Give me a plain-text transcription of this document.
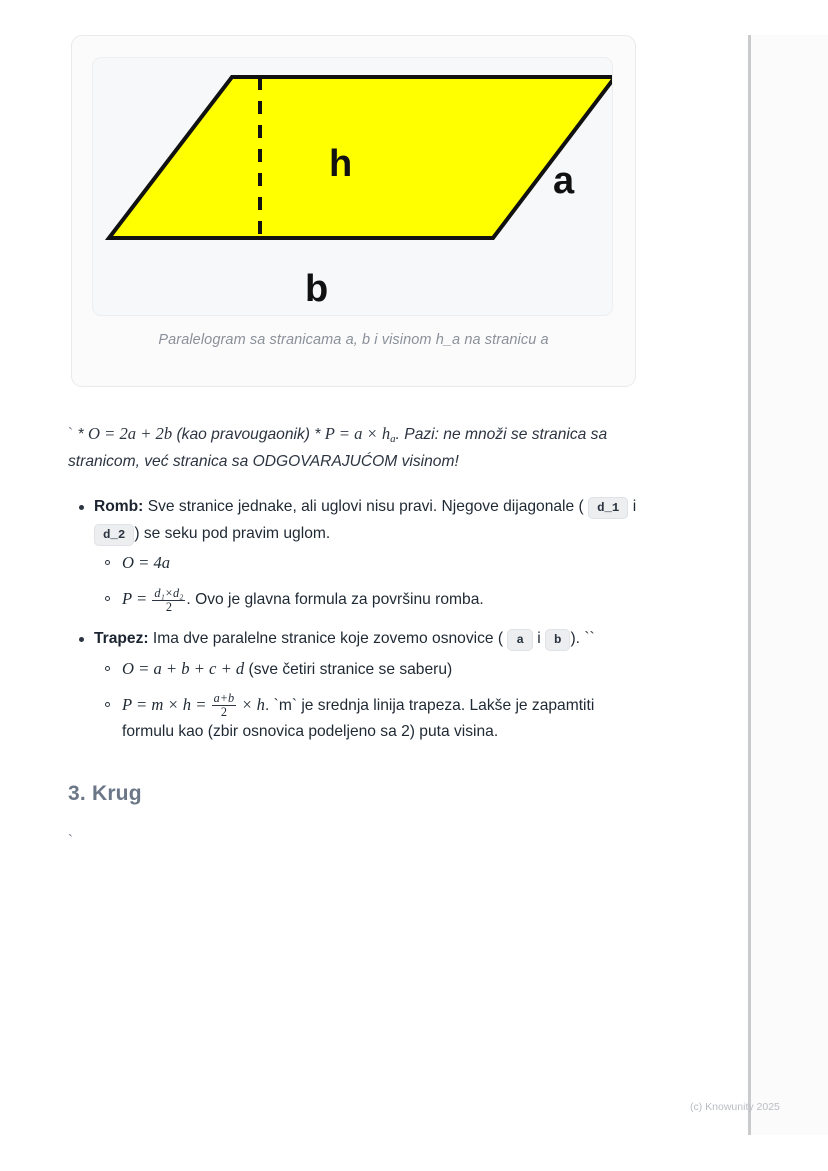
h	a
b
Paralelogram sa stranicama a, b i visinom h_a na stranicu a

` * O = 2a + 2b (kao pravougaonik) * $P = a \times h_a$. Pazi: ne množi se stranica sa stranicom, već stranica sa ODGOVARAJUĆOM visinom!

Romb: Sve stranice jednake, ali uglovi nisu pravi. Njegove dijagonale ( d_1 i d_2 ) se seku pod pravim uglom.
O = 4a
$P = \frac{\text{d₁×d₂}}{2}$ . Ovo je glavna formula za površinu romba.
Trapez: Ima dve paralelne stranice koje zovemo osnovice ( a i b ). ``
O = a + b + c + d (sve četiri stranice se saberu)
$P = m \times h = \frac{a+b}{2} \times h$. `m` je srednja linija trapeza. Lakše je zapamtiti formulu kao (zbir osnovica podeljeno sa 2) puta visina.
3. Krug

`

(c) Knowunity 2025
